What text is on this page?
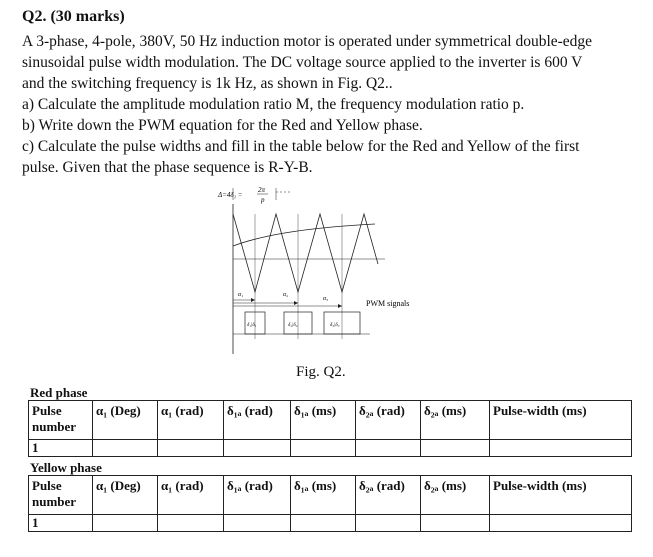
Q2. (30 marks)

A 3-phase, 4-pole, 380V, 50 Hz induction motor is operated under symmetrical double-edge

sinusoidal pulse width modulation. The DC voltage source applied to the inverter is 600 V

and the switching frequency is 1k Hz, as shown in Fig. Q2..

a) Calculate the amplitude modulation ratio M, the frequency modulation ratio p.

b) Write down the PWM equation for the Red and Yellow phase.

c) Calculate the pulse widths and fill in the table below for the Red and Yellow of the first

pulse. Given that the phase sequence is R-Y-B.

Δ=4δ₁ =
2π
p
α₁	α₂
α₃
δ₁|δ₁	δ₂|δ₂	δ₃|δ₃
PWM signals
Fig. Q2.
Red phase
Pulse number	α₁ (Deg)	α₁ (rad)	δ₁ₐ (rad)	δ₁ₐ (ms)	δ₂ₐ (rad)	δ₂ₐ (ms)	Pulse-width (ms)
1							
Yellow phase
Pulse number	α₁ (Deg)	α₁ (rad)	δ₁ₐ (rad)	δ₁ₐ (ms)	δ₂ₐ (rad)	δ₂ₐ (ms)	Pulse-width (ms)
1							
